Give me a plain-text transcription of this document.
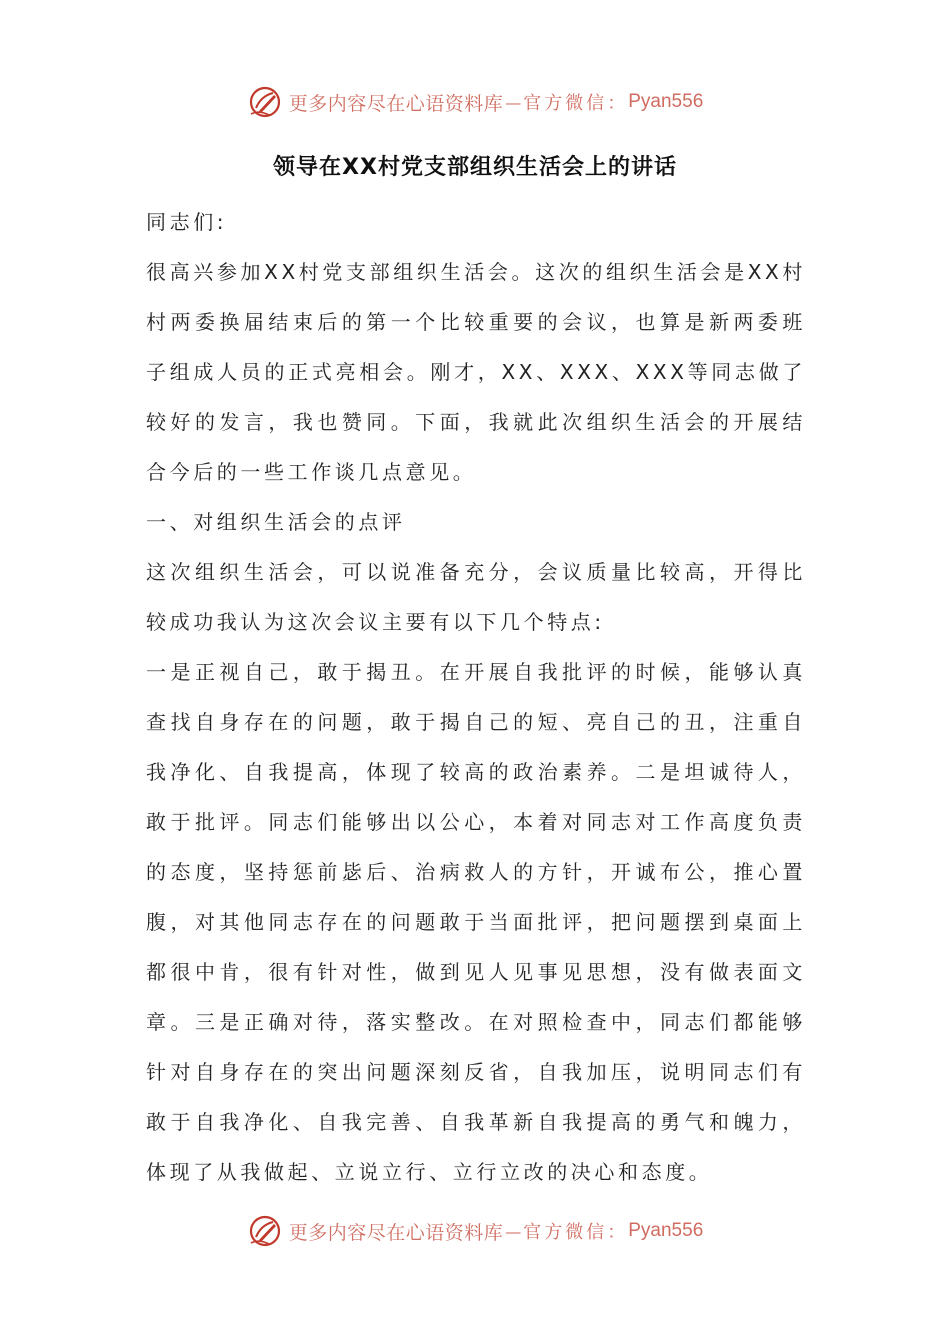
更多内容尽在心语资料库 — 官方微信： Pyan556
领导在XX村党支部组织生活会上的讲话

同志们:

很高兴参加XX村党支部组织生活会。这次的组织生活会是XX村村两委换届结束后的第一个比较重要的会议，也算是新两委班子组成人员的正式亮相会。刚才，XX、XXX、XXX等同志做了较好的发言，我也赞同。下面，我就此次组织生活会的开展结合今后的一些工作谈几点意见。

一、对组织生活会的点评

这次组织生活会，可以说准备充分，会议质量比较高，开得比较成功我认为这次会议主要有以下几个特点:

一是正视自己，敢于揭丑。在开展自我批评的时候，能够认真查找自身存在的问题，敢于揭自己的短、亮自己的丑，注重自我净化、自我提高，体现了较高的政治素养。二是坦诚待人，敢于批评。同志们能够出以公心，本着对同志对工作高度负责的态度，坚持惩前毖后、治病救人的方针，开诚布公，推心置腹，对其他同志存在的问题敢于当面批评，把问题摆到桌面上都很中肯，很有针对性，做到见人见事见思想，没有做表面文章。三是正确对待，落实整改。在对照检查中，同志们都能够针对自身存在的突出问题深刻反省，自我加压，说明同志们有敢于自我净化、自我完善、自我革新自我提高的勇气和魄力，体现了从我做起、立说立行、立行立改的决心和态度。

更多内容尽在心语资料库 — 官方微信： Pyan556
